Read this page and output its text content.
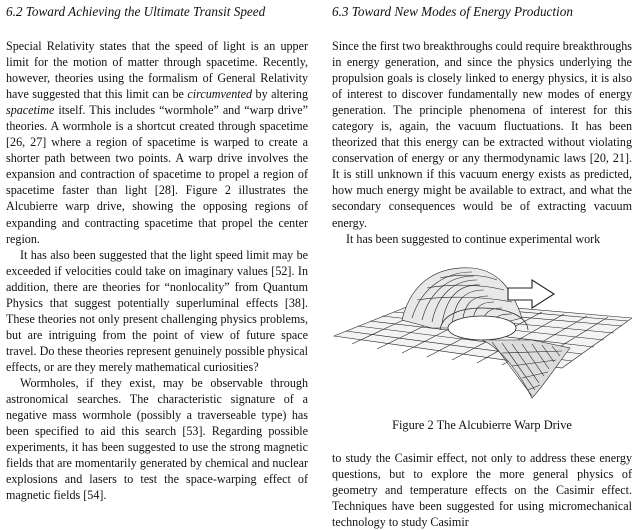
6.2 Toward Achieving the Ultimate Transit Speed

Special Relativity states that the speed of light is an upper limit for the motion of matter through spacetime. Recently, however, theories using the formalism of General Relativity have suggested that this limit can be circumvented by altering spacetime itself. This includes “wormhole” and “warp drive” theories. A wormhole is a shortcut created through spacetime [26, 27] where a region of spacetime is warped to create a shorter path between two points. A warp drive involves the expansion and contraction of spacetime to propel a region of spacetime faster than light [28]. Figure 2 illustrates the Alcubierre warp drive, showing the opposing regions of expanding and contracting spacetime that propel the center region.

It has also been suggested that the light speed limit may be exceeded if velocities could take on imaginary values [52]. In addition, there are theories for “nonlocality” from Quantum Physics that suggest potentially superluminal effects [38]. These theories not only present challenging physics problems, but are intriguing from the point of view of future space travel. Do these theories represent genuinely possible physical effects, or are they merely mathematical curiosities?

Wormholes, if they exist, may be observable through astronomical searches. The characteristic signature of a negative mass wormhole (possibly a traverseable type) has been specified to aid this search [53]. Regarding possible experiments, it has been suggested to use the strong magnetic fields that are momentarily generated by chemical and nuclear explosions and lasers to test the space-warping effect of magnetic fields [54].

6.3 Toward New Modes of Energy Production

Since the first two breakthroughs could require breakthroughs in energy generation, and since the physics underlying the propulsion goals is closely linked to energy physics, it is also of interest to discover fundamentally new modes of energy generation. The principle phenomena of interest for this category is, again, the vacuum fluctuations. It has been theorized that this energy can be extracted without violating conservation of energy or any thermodynamic laws [20, 21]. It is still unknown if this vacuum energy exists as predicted, how much energy might be available to extract, and what the secondary consequences would be of extracting vacuum energy.

It has been suggested to continue experimental work

Figure 2 The Alcubierre Warp Drive

to study the Casimir effect, not only to address these energy questions, but to explore the more general physics of geometry and temperature effects on the Casimir effect. Techniques have been suggested for using micromechanical technology to study Casimir
